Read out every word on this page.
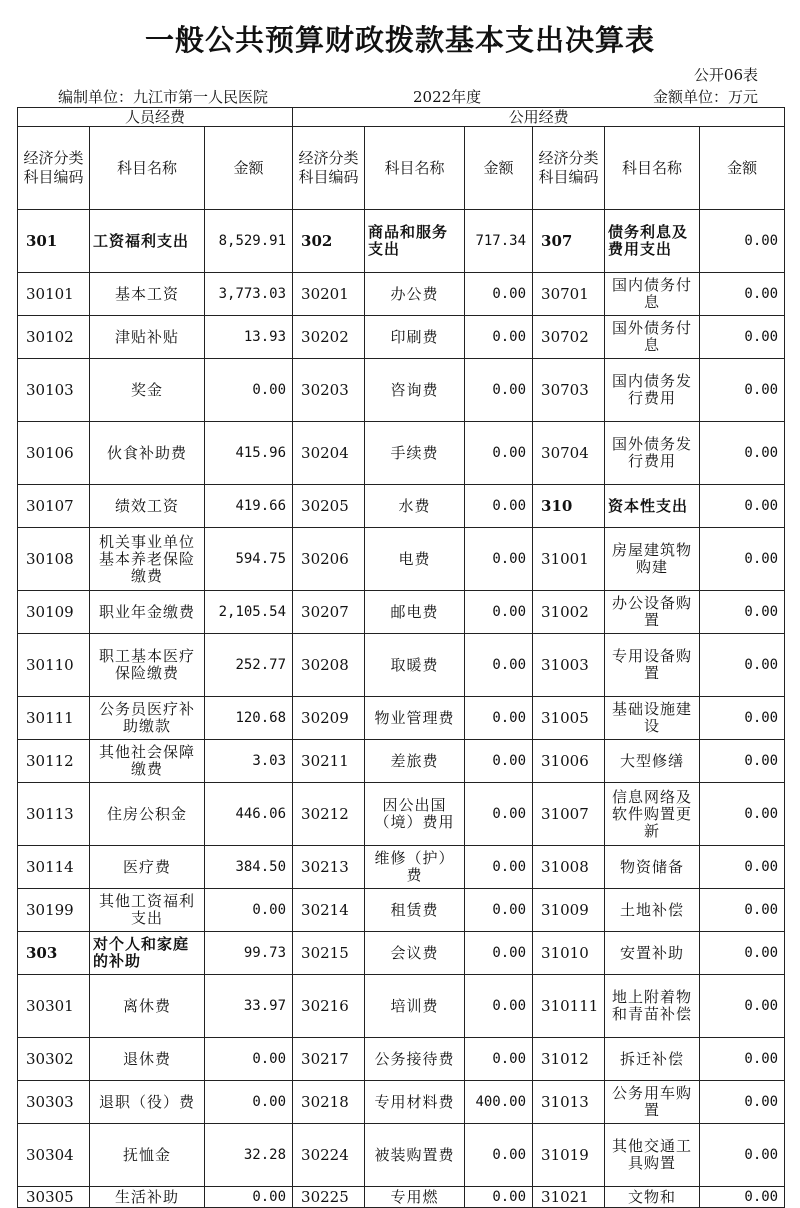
一般公共预算财政拨款基本支出决算表
公开06表
编制单位：九江市第一人民医院	2022年度	金额单位：万元
人员经费			公用经费					
经济分类科目编码	科目名称	金额	经济分类科目编码	科目名称	金额	经济分类科目编码	科目名称	金额
301	工资福利支出	8,529.91	302	商品和服务支出	717.34	307	债务利息及费用支出	0.00
30101	基本工资	3,773.03	30201	办公费	0.00	30701	国内债务付息	0.00
30102	津贴补贴	13.93	30202	印刷费	0.00	30702	国外债务付息	0.00
30103	奖金	0.00	30203	咨询费	0.00	30703	国内债务发行费用	0.00
30106	伙食补助费	415.96	30204	手续费	0.00	30704	国外债务发行费用	0.00
30107	绩效工资	419.66	30205	水费	0.00	310	资本性支出	0.00
30108	机关事业单位基本养老保险缴费	594.75	30206	电费	0.00	31001	房屋建筑物购建	0.00
30109	职业年金缴费	2,105.54	30207	邮电费	0.00	31002	办公设备购置	0.00
30110	职工基本医疗保险缴费	252.77	30208	取暖费	0.00	31003	专用设备购置	0.00
30111	公务员医疗补助缴款	120.68	30209	物业管理费	0.00	31005	基础设施建设	0.00
30112	其他社会保障缴费	3.03	30211	差旅费	0.00	31006	大型修缮	0.00
30113	住房公积金	446.06	30212	因公出国（境）费用	0.00	31007	信息网络及软件购置更新	0.00
30114	医疗费	384.50	30213	维修（护）费	0.00	31008	物资储备	0.00
30199	其他工资福利支出	0.00	30214	租赁费	0.00	31009	土地补偿	0.00
303	对个人和家庭的补助	99.73	30215	会议费	0.00	31010	安置补助	0.00
30301	离休费	33.97	30216	培训费	0.00	310111	地上附着物和青苗补偿	0.00
30302	退休费	0.00	30217	公务接待费	0.00	31012	拆迁补偿	0.00
30303	退职（役）费	0.00	30218	专用材料费	400.00	31013	公务用车购置	0.00
30304	抚恤金	32.28	30224	被装购置费	0.00	31019	其他交通工具购置	0.00
30305	生活补助	0.00	30225	专用燃	0.00	31021	文物和	0.00
